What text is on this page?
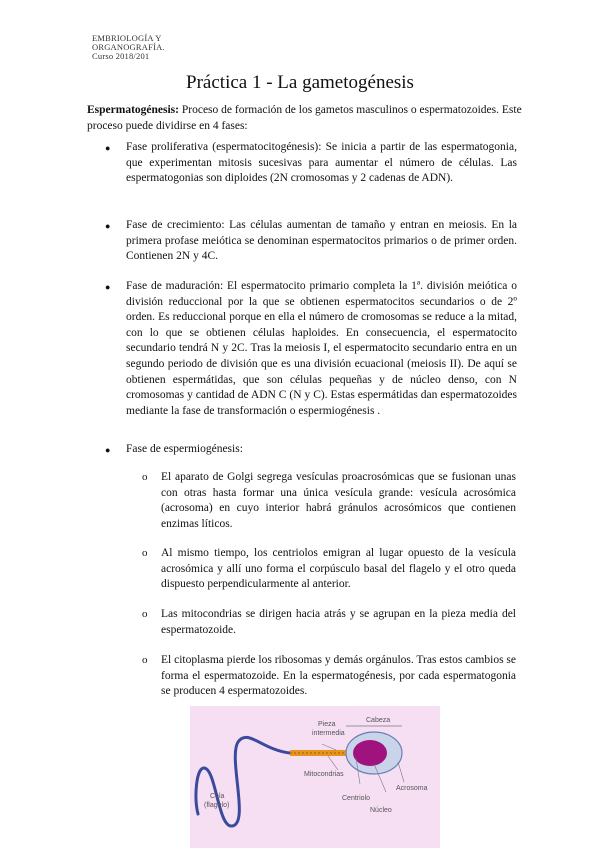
EMBRIOLOGÍA Y
ORGANOGRAFÍA.
Curso 2018/201
Práctica 1 - La gametogénesis
Espermatogénesis: Proceso de formación de los gametos masculinos o espermatozoides. Este proceso puede dividirse en 4 fases:
● Fase proliferativa (espermatocitogénesis): Se inicia a partir de las espermatogonia, que experimentan mitosis sucesivas para aumentar el número de células. Las espermatogonias son diploides (2N cromosomas y 2 cadenas de ADN).
● Fase de crecimiento: Las células aumentan de tamaño y entran en meiosis. En la primera profase meiótica se denominan espermatocitos primarios o de primer orden. Contienen 2N y 4C.
● Fase de maduración: El espermatocito primario completa la 1ª. división meiótica o división reduccional por la que se obtienen espermatocitos secundarios o de 2º orden. Es reduccional porque en ella el número de cromosomas se reduce a la mitad, con lo que se obtienen células haploides. En consecuencia, el espermatocito secundario tendrá N y 2C. Tras la meiosis I, el espermatocito secundario entra en un segundo periodo de división que es una división ecuacional (meiosis II). De aquí se obtienen espermátidas, que son células pequeñas y de núcleo denso, con N cromosomas y cantidad de ADN C (N y C). Estas espermátidas dan espermatozoides mediante la fase de transformación o espermiogénesis .
● Fase de espermiogénesis:
o El aparato de Golgi segrega vesículas proacrosómicas que se fusionan unas con otras hasta formar una única vesícula grande: vesícula acrosómica (acrosoma) en cuyo interior habrá gránulos acrosómicos que contienen enzimas líticos.
o Al mismo tiempo, los centriolos emigran al lugar opuesto de la vesícula acrosómica y allí uno forma el corpúsculo basal del flagelo y el otro queda dispuesto perpendicularmente al anterior.
o Las mitocondrias se dirigen hacia atrás y se agrupan en la pieza media del espermatozoide.
o El citoplasma pierde los ribosomas y demás orgánulos. Tras estos cambios se forma el espermatozoide. En la espermatogénesis, por cada espermatogonia se producen 4 espermatozoides.
Cabeza
Pieza
intermedia
Mitocondrias
Acrosoma
Centriolo
Núcleo
Cola
(flagelo)
